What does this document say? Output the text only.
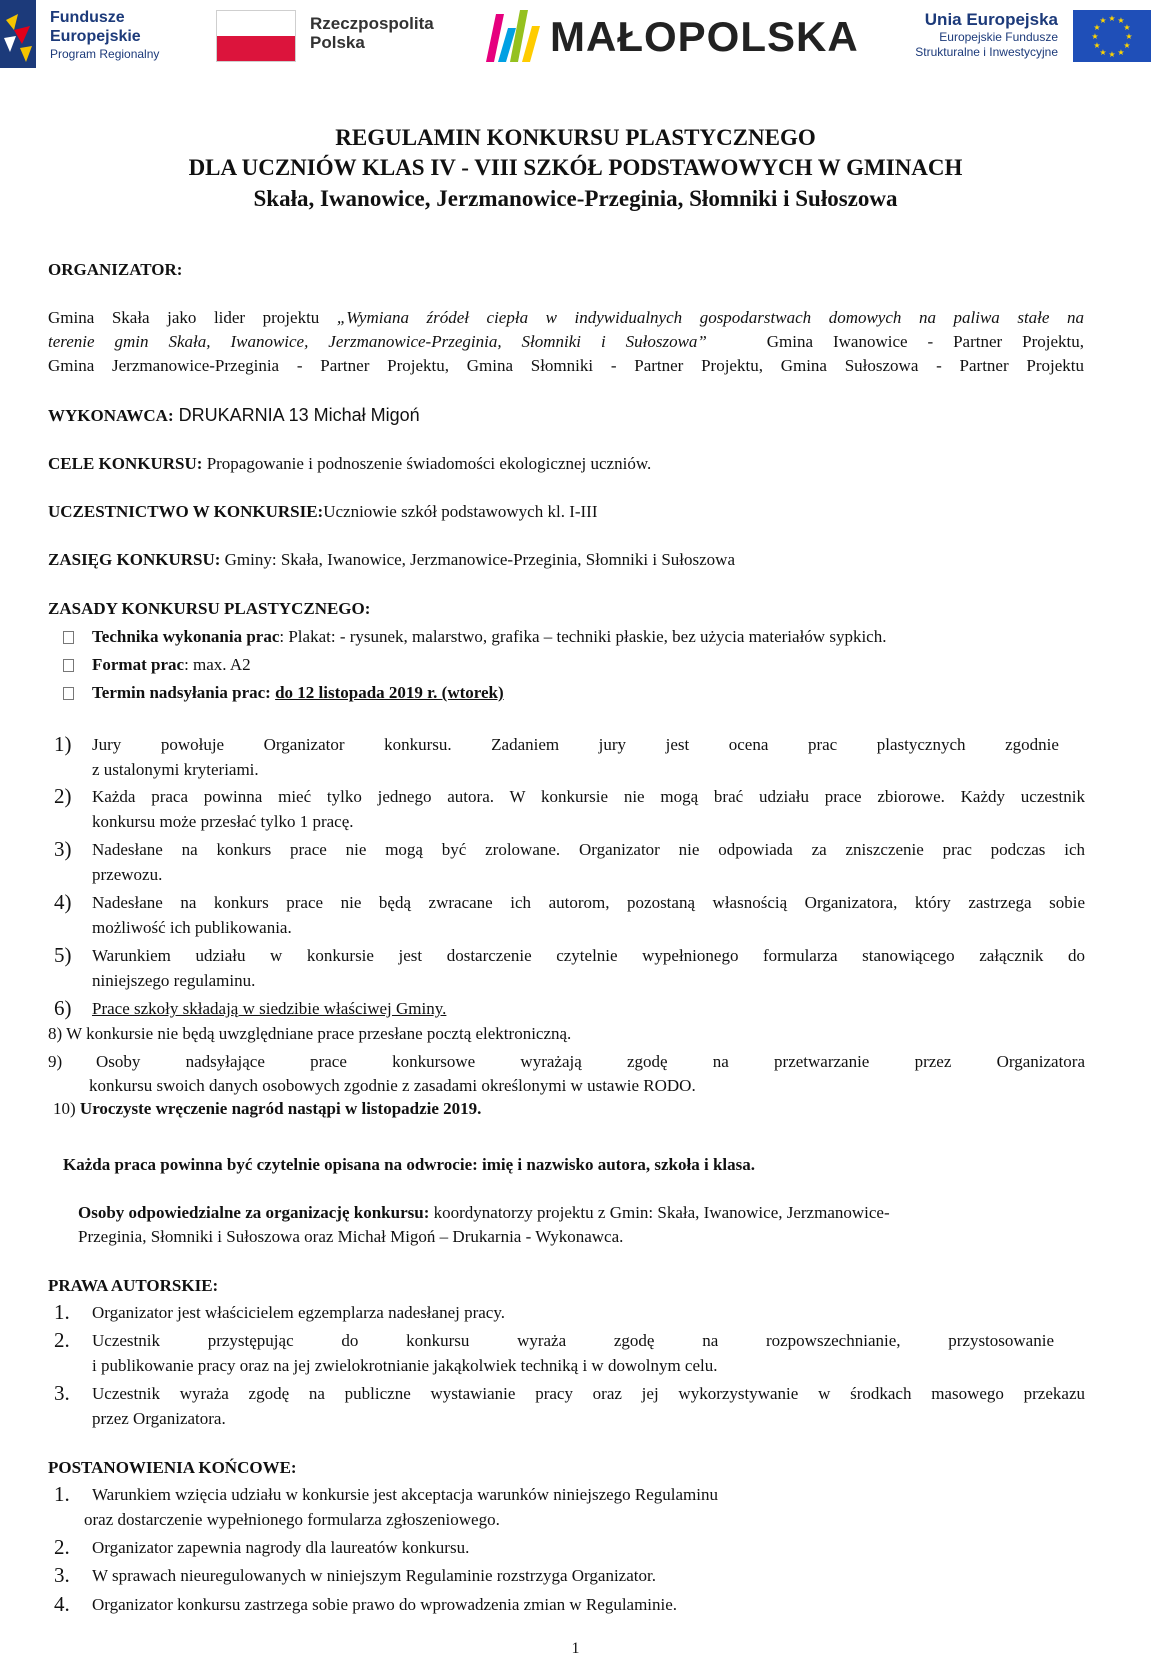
Fundusze
Europejskie
Program Regionalny
Rzeczpospolita
Polska	MAŁOPOLSKA	Unia Europejska
Europejskie Fundusze
Strukturalne i Inwestycyjne
★ ★
★
★
★
★
★
★
★
★
★
★
REGULAMIN KONKURSU PLASTYCZNEGO
DLA UCZNIÓW KLAS IV - VIII SZKÓŁ PODSTAWOWYCH W GMINACH
Skała, Iwanowice, Jerzmanowice-Przeginia, Słomniki i Sułoszowa
ORGANIZATOR:
Gmina Skała jako lider projektu „Wymiana źródeł ciepła w indywidualnych gospodarstwach domowych na paliwa stałe na
terenie gmin Skała, Iwanowice, Jerzmanowice-Przeginia, Słomniki i Sułoszowa”	Gmina Iwanowice - Partner Projektu,
Gmina Jerzmanowice-Przeginia - Partner Projektu, Gmina Słomniki - Partner Projektu, Gmina Sułoszowa - Partner Projektu
WYKONAWCA: DRUKARNIA 13 Michał Migoń
CELE KONKURSU: Propagowanie i podnoszenie świadomości ekologicznej uczniów.
UCZESTNICTWO W KONKURSIE:Uczniowie szkół podstawowych kl. I-III
ZASIĘG KONKURSU: Gminy: Skała, Iwanowice, Jerzmanowice-Przeginia, Słomniki i Sułoszowa
ZASADY KONKURSU PLASTYCZNEGO:
Technika wykonania prac: Plakat: - rysunek, malarstwo, grafika – techniki płaskie, bez użycia materiałów sypkich.
Format prac: max. A2
Termin nadsyłania prac: do 12 listopada 2019 r. (wtorek)
1) Jury powołuje Organizator konkursu. Zadaniem jury jest ocena prac plastycznych zgodnie
z ustalonymi kryteriami.
2) Każda praca powinna mieć tylko jednego autora. W konkursie nie mogą brać udziału prace zbiorowe. Każdy uczestnik
konkursu może przesłać tylko 1 pracę.
3) Nadesłane na konkurs prace nie mogą być zrolowane. Organizator nie odpowiada za zniszczenie prac podczas ich
przewozu.
4) Nadesłane na konkurs prace nie będą zwracane ich autorom, pozostaną własnością Organizatora, który zastrzega sobie
możliwość ich publikowania.
5) Warunkiem udziału w konkursie jest dostarczenie czytelnie wypełnionego formularza stanowiącego załącznik do
niniejszego regulaminu.
6) Prace szkoły składają w siedzibie właściwej Gminy.
8) W konkursie nie będą uwzględniane prace przesłane pocztą elektroniczną.
9) Osoby nadsyłające prace konkursowe wyrażają zgodę na przetwarzanie przez Organizatora
konkursu swoich danych osobowych zgodnie z zasadami określonymi w ustawie RODO.
10) Uroczyste wręczenie nagród nastąpi w listopadzie 2019.
Każda praca powinna być czytelnie opisana na odwrocie: imię i nazwisko autora, szkoła i klasa.
Osoby odpowiedzialne za organizację konkursu: koordynatorzy projektu z Gmin: Skała, Iwanowice, Jerzmanowice-
Przeginia, Słomniki i Sułoszowa oraz Michał Migoń – Drukarnia - Wykonawca.
PRAWA AUTORSKIE:
1. Organizator jest właścicielem egzemplarza nadesłanej pracy.
2. Uczestnik przystępując do konkursu wyraża zgodę na rozpowszechnianie, przystosowanie
i publikowanie pracy oraz na jej zwielokrotnianie jakąkolwiek techniką i w dowolnym celu.
3. Uczestnik wyraża zgodę na publiczne wystawianie pracy oraz jej wykorzystywanie w środkach masowego przekazu
przez Organizatora.
POSTANOWIENIA KOŃCOWE:
1. Warunkiem wzięcia udziału w konkursie jest akceptacja warunków niniejszego Regulaminu
oraz dostarczenie wypełnionego formularza zgłoszeniowego.
2. Organizator zapewnia nagrody dla laureatów konkursu.
3. W sprawach nieuregulowanych w niniejszym Regulaminie rozstrzyga Organizator.
4. Organizator konkursu zastrzega sobie prawo do wprowadzenia zmian w Regulaminie.
1
